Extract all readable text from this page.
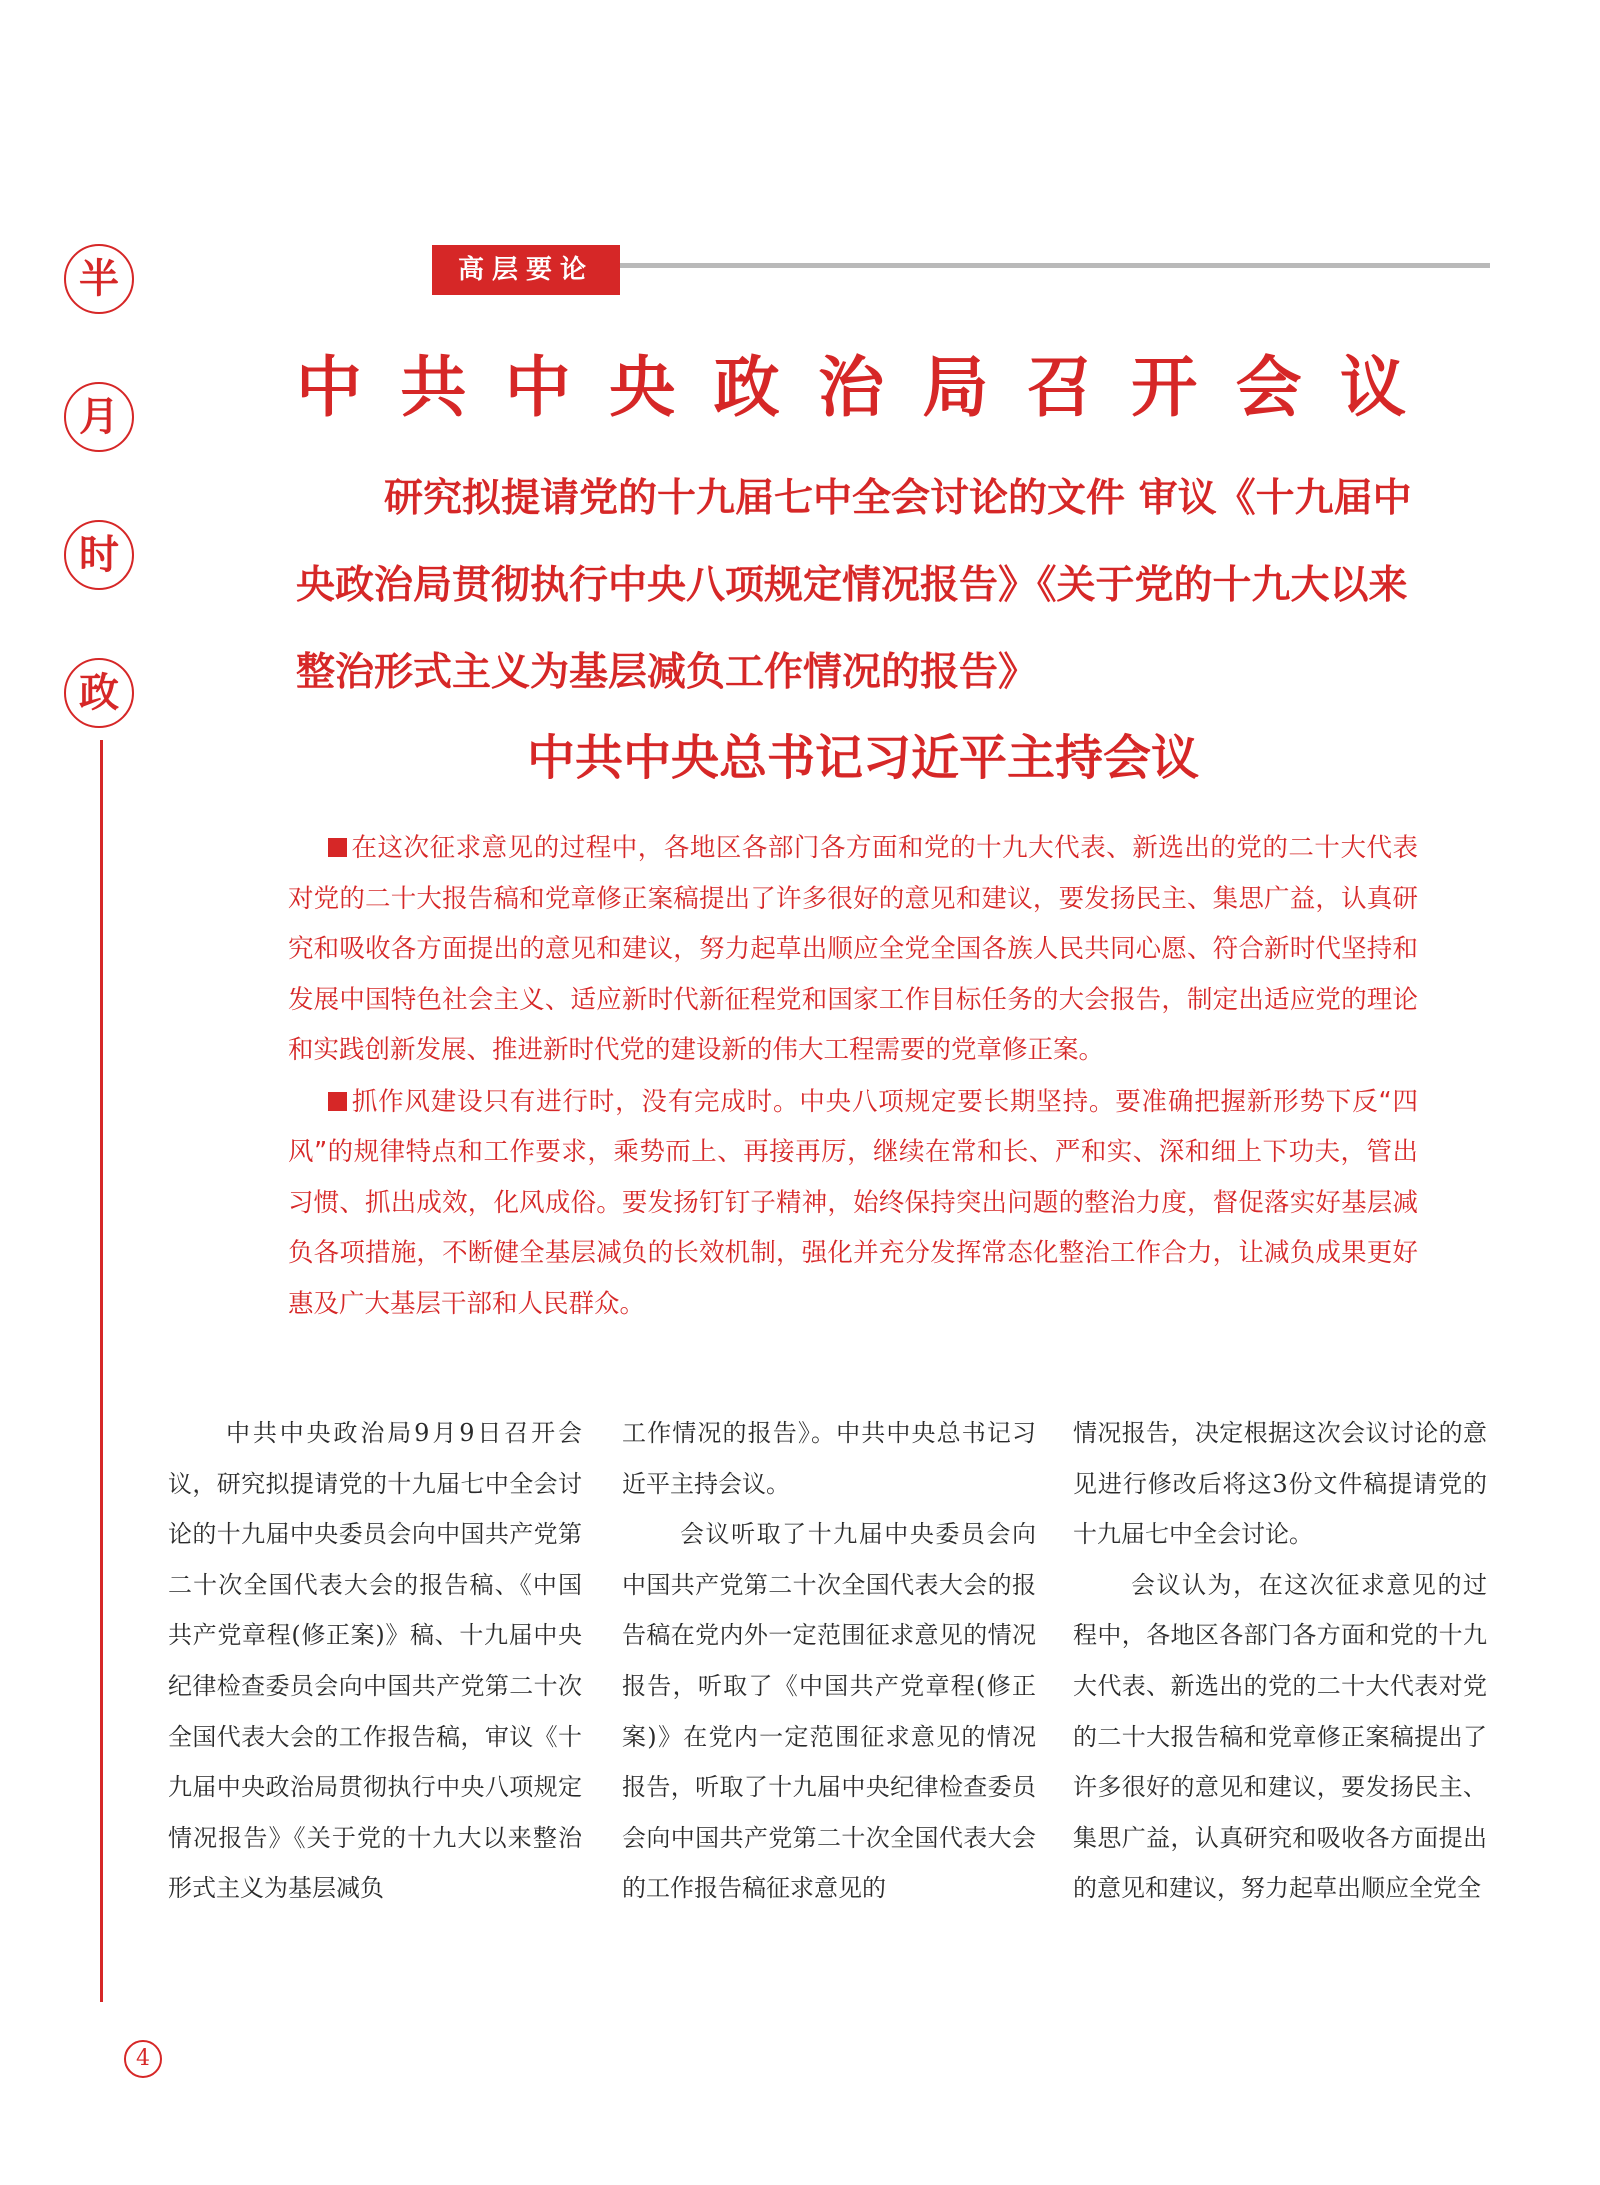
半
月
时
政
高层要论
中共中央政治局召开会议
研究拟提请党的十九届七中全会讨论的文件 审议《十九届中央政治局贯彻执行中央八项规定情况报告》《关于党的十九大以来整治形式主义为基层减负工作情况的报告》
中共中央总书记习近平主持会议

在这次征求意见的过程中，各地区各部门各方面和党的十九大代表、新选出的党的二十大代表对党的二十大报告稿和党章修正案稿提出了许多很好的意见和建议，要发扬民主、集思广益，认真研究和吸收各方面提出的意见和建议，努力起草出顺应全党全国各族人民共同心愿、符合新时代坚持和发展中国特色社会主义、适应新时代新征程党和国家工作目标任务的大会报告，制定出适应党的理论和实践创新发展、推进新时代党的建设新的伟大工程需要的党章修正案。

抓作风建设只有进行时，没有完成时。中央八项规定要长期坚持。要准确把握新形势下反“四风”的规律特点和工作要求，乘势而上、再接再厉，继续在常和长、严和实、深和细上下功夫，管出习惯、抓出成效，化风成俗。要发扬钉钉子精神，始终保持突出问题的整治力度，督促落实好基层减负各项措施，不断健全基层减负的长效机制，强化并充分发挥常态化整治工作合力，让减负成果更好惠及广大基层干部和人民群众。

中共中央政治局9月9日召开会议，研究拟提请党的十九届七中全会讨论的十九届中央委员会向中国共产党第二十次全国代表大会的报告稿、《中国共产党章程(修正案)》稿、十九届中央纪律检查委员会向中国共产党第二十次全国代表大会的工作报告稿，审议《十九届中央政治局贯彻执行中央八项规定情况报告》《关于党的十九大以来整治形式主义为基层减负

工作情况的报告》。中共中央总书记习近平主持会议。

会议听取了十九届中央委员会向中国共产党第二十次全国代表大会的报告稿在党内外一定范围征求意见的情况报告，听取了《中国共产党章程(修正案)》在党内一定范围征求意见的情况报告，听取了十九届中央纪律检查委员会向中国共产党第二十次全国代表大会的工作报告稿征求意见的

情况报告，决定根据这次会议讨论的意见进行修改后将这3份文件稿提请党的十九届七中全会讨论。

会议认为，在这次征求意见的过程中，各地区各部门各方面和党的十九大代表、新选出的党的二十大代表对党的二十大报告稿和党章修正案稿提出了许多很好的意见和建议，要发扬民主、集思广益，认真研究和吸收各方面提出的意见和建议，努力起草出顺应全党全

4
